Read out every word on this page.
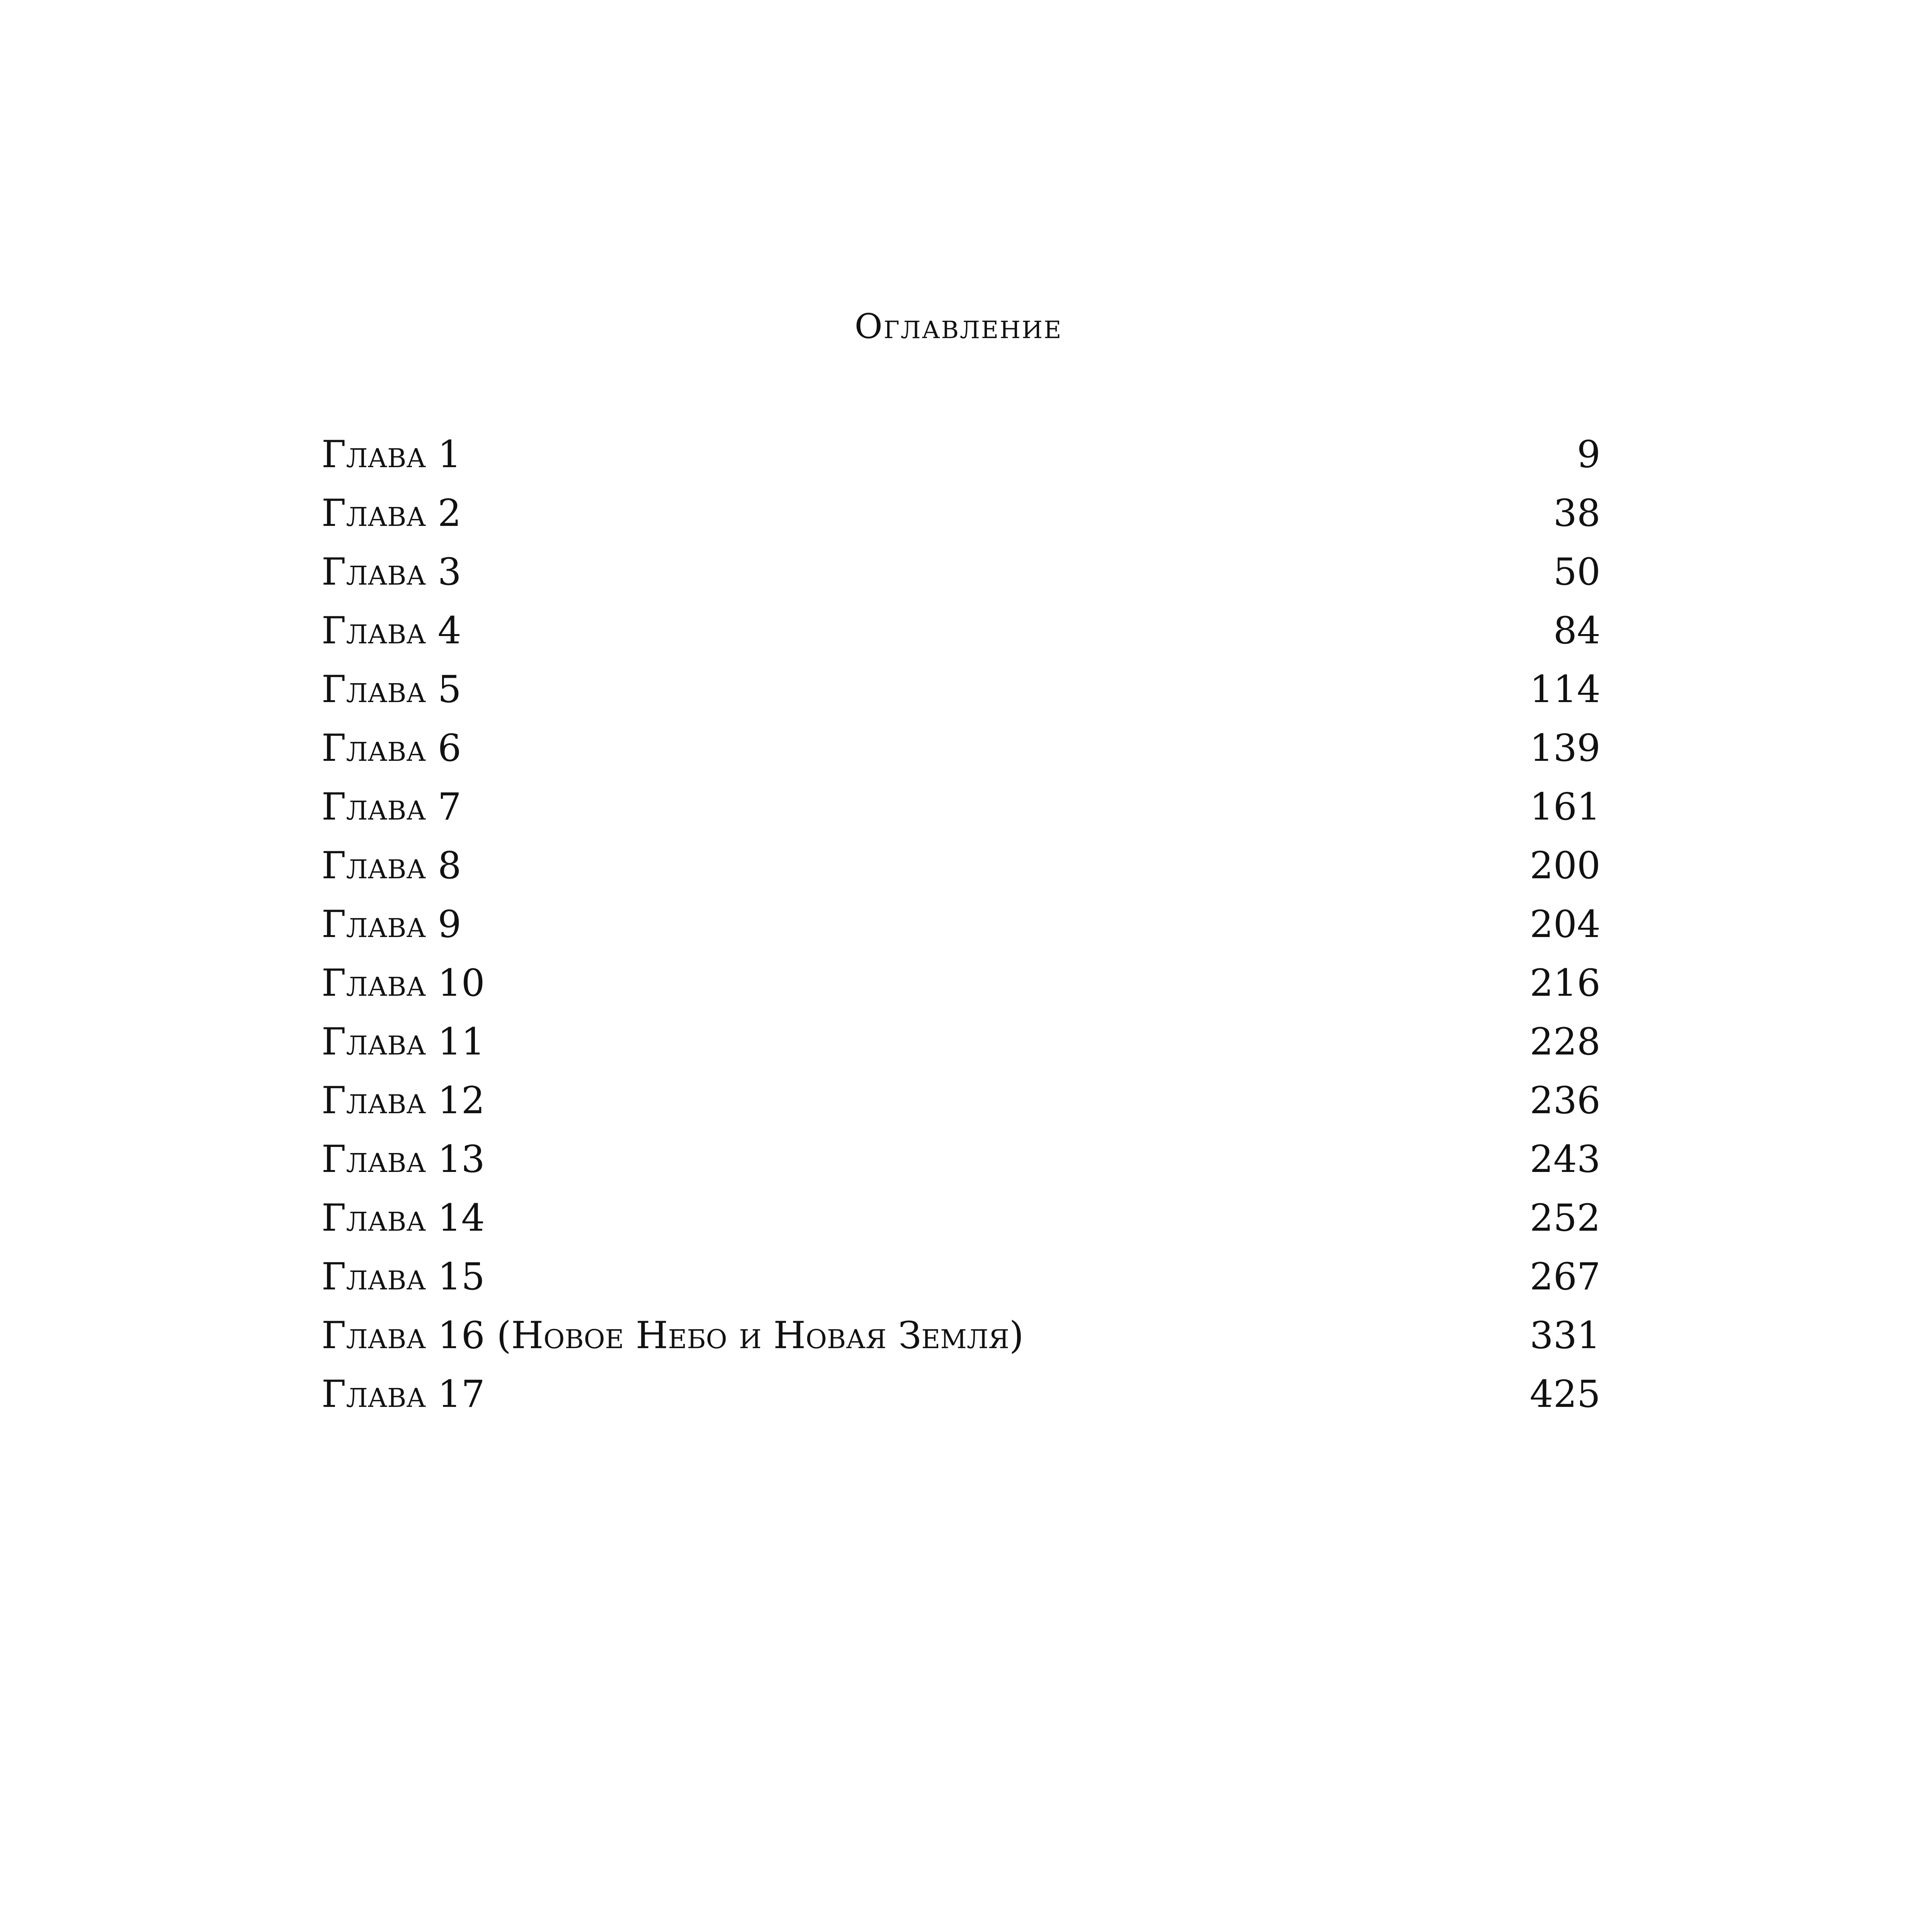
Оглавление
Глава 1	9
Глава 2	38
Глава 3	50
Глава 4	84
Глава 5	114
Глава 6	139
Глава 7	161
Глава 8	200
Глава 9	204
Глава 10	216
Глава 11	228
Глава 12	236
Глава 13	243
Глава 14	252
Глава 15	267
Глава 16 (Новое Небо и Новая Земля)	331
Глава 17	425
